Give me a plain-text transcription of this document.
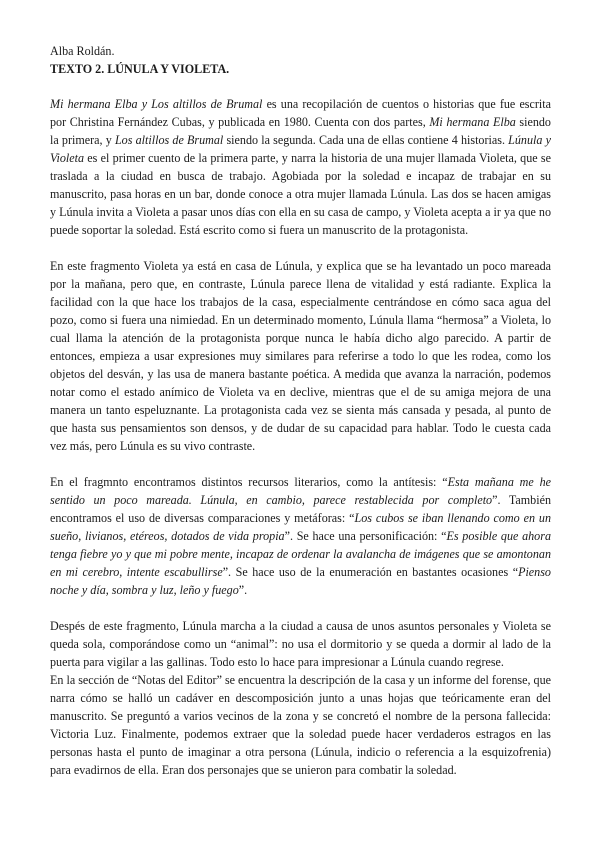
Alba Roldán.
TEXTO 2. LÚNULA Y VIOLETA.

Mi hermana Elba y Los altillos de Brumal es una recopilación de cuentos o historias que fue escrita por Christina Fernández Cubas, y publicada en 1980. Cuenta con dos partes, Mi hermana Elba siendo la primera, y Los altillos de Brumal siendo la segunda. Cada una de ellas contiene 4 historias. Lúnula y Violeta es el primer cuento de la primera parte, y narra la historia de una mujer llamada Violeta, que se traslada a la ciudad en busca de trabajo. Agobiada por la soledad e incapaz de trabajar en su manuscrito, pasa horas en un bar, donde conoce a otra mujer llamada Lúnula. Las dos se hacen amigas y Lúnula invita a Violeta a pasar unos días con ella en su casa de campo, y Violeta acepta a ir ya que no puede soportar la soledad. Está escrito como si fuera un manuscrito de la protagonista.

En este fragmento Violeta ya está en casa de Lúnula, y explica que se ha levantado un poco mareada por la mañana, pero que, en contraste, Lúnula parece llena de vitalidad y está radiante. Explica la facilidad con la que hace los trabajos de la casa, especialmente centrándose en cómo saca agua del pozo, como si fuera una nimiedad. En un determinado momento, Lúnula llama “hermosa” a Violeta, lo cual llama la atención de la protagonista porque nunca le había dicho algo parecido. A partir de entonces, empieza a usar expresiones muy similares para referirse a todo lo que les rodea, como los objetos del desván, y las usa de manera bastante poética. A medida que avanza la narración, podemos notar como el estado anímico de Violeta va en declive, mientras que el de su amiga mejora de una manera un tanto espeluznante. La protagonista cada vez se sienta más cansada y pesada, al punto de que hasta sus pensamientos son densos, y de dudar de su capacidad para hablar. Todo le cuesta cada vez más, pero Lúnula es su vivo contraste.

En el fragmnto encontramos distintos recursos literarios, como la antítesis: “Esta mañana me he sentido un poco mareada. Lúnula, en cambio, parece restablecida por completo”. También encontramos el uso de diversas comparaciones y metáforas: “Los cubos se iban llenando como en un sueño, livianos, etéreos, dotados de vida propia”. Se hace una personificación: “Es posible que ahora tenga fiebre yo y que mi pobre mente, incapaz de ordenar la avalancha de imágenes que se amontonan en mi cerebro, intente escabullirse”. Se hace uso de la enumeración en bastantes ocasiones “Pienso noche y día, sombra y luz, leño y fuego”.

Despés de este fragmento, Lúnula marcha a la ciudad a causa de unos asuntos personales y Violeta se queda sola, comporándose como un “animal”: no usa el dormitorio y se queda a dormir al lado de la puerta para vigilar a las gallinas. Todo esto lo hace para impresionar a Lúnula cuando regrese.

En la sección de “Notas del Editor” se encuentra la descripción de la casa y un informe del forense, que narra cómo se halló un cadáver en descomposición junto a unas hojas que teóricamente eran del manuscrito. Se preguntó a varios vecinos de la zona y se concretó el nombre de la persona fallecida: Victoria Luz. Finalmente, podemos extraer que la soledad puede hacer verdaderos estragos en las personas hasta el punto de imaginar a otra persona (Lúnula, indicio o referencia a la esquizofrenia) para evadirnos de ella. Eran dos personajes que se unieron para combatir la soledad.
